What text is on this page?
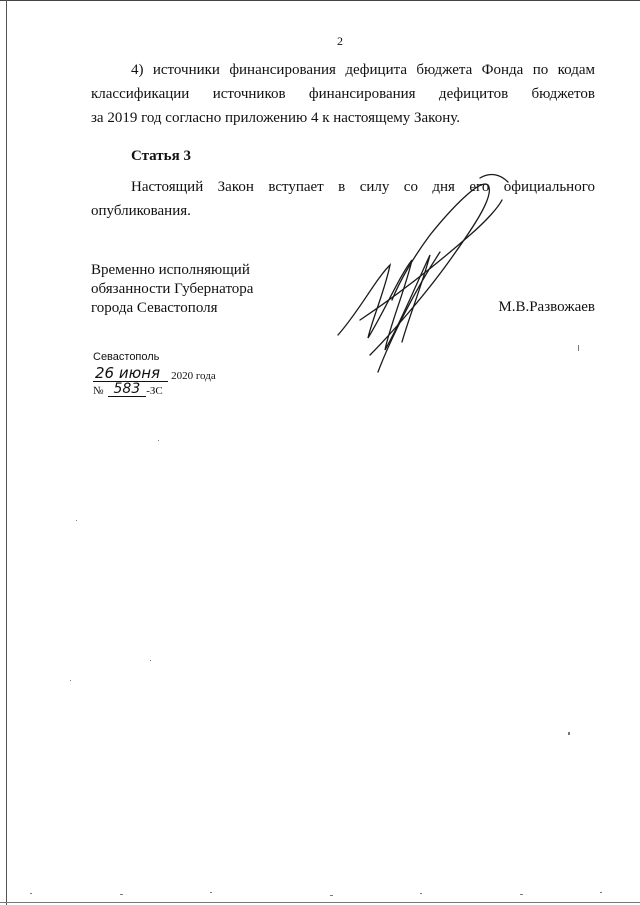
2
4) источники финансирования дефицита бюджета Фонда по кодам
классификации источников финансирования дефицитов бюджетов
за 2019 год согласно приложению 4 к настоящему Закону.
Статья 3
Настоящий Закон вступает в силу со дня его официального
опубликования.
Временно исполняющий
обязанности Губернатора
города Севастополя	М.В.Развожаев
Севастополь
26 июня	2020 года
№ 583 -ЗС
